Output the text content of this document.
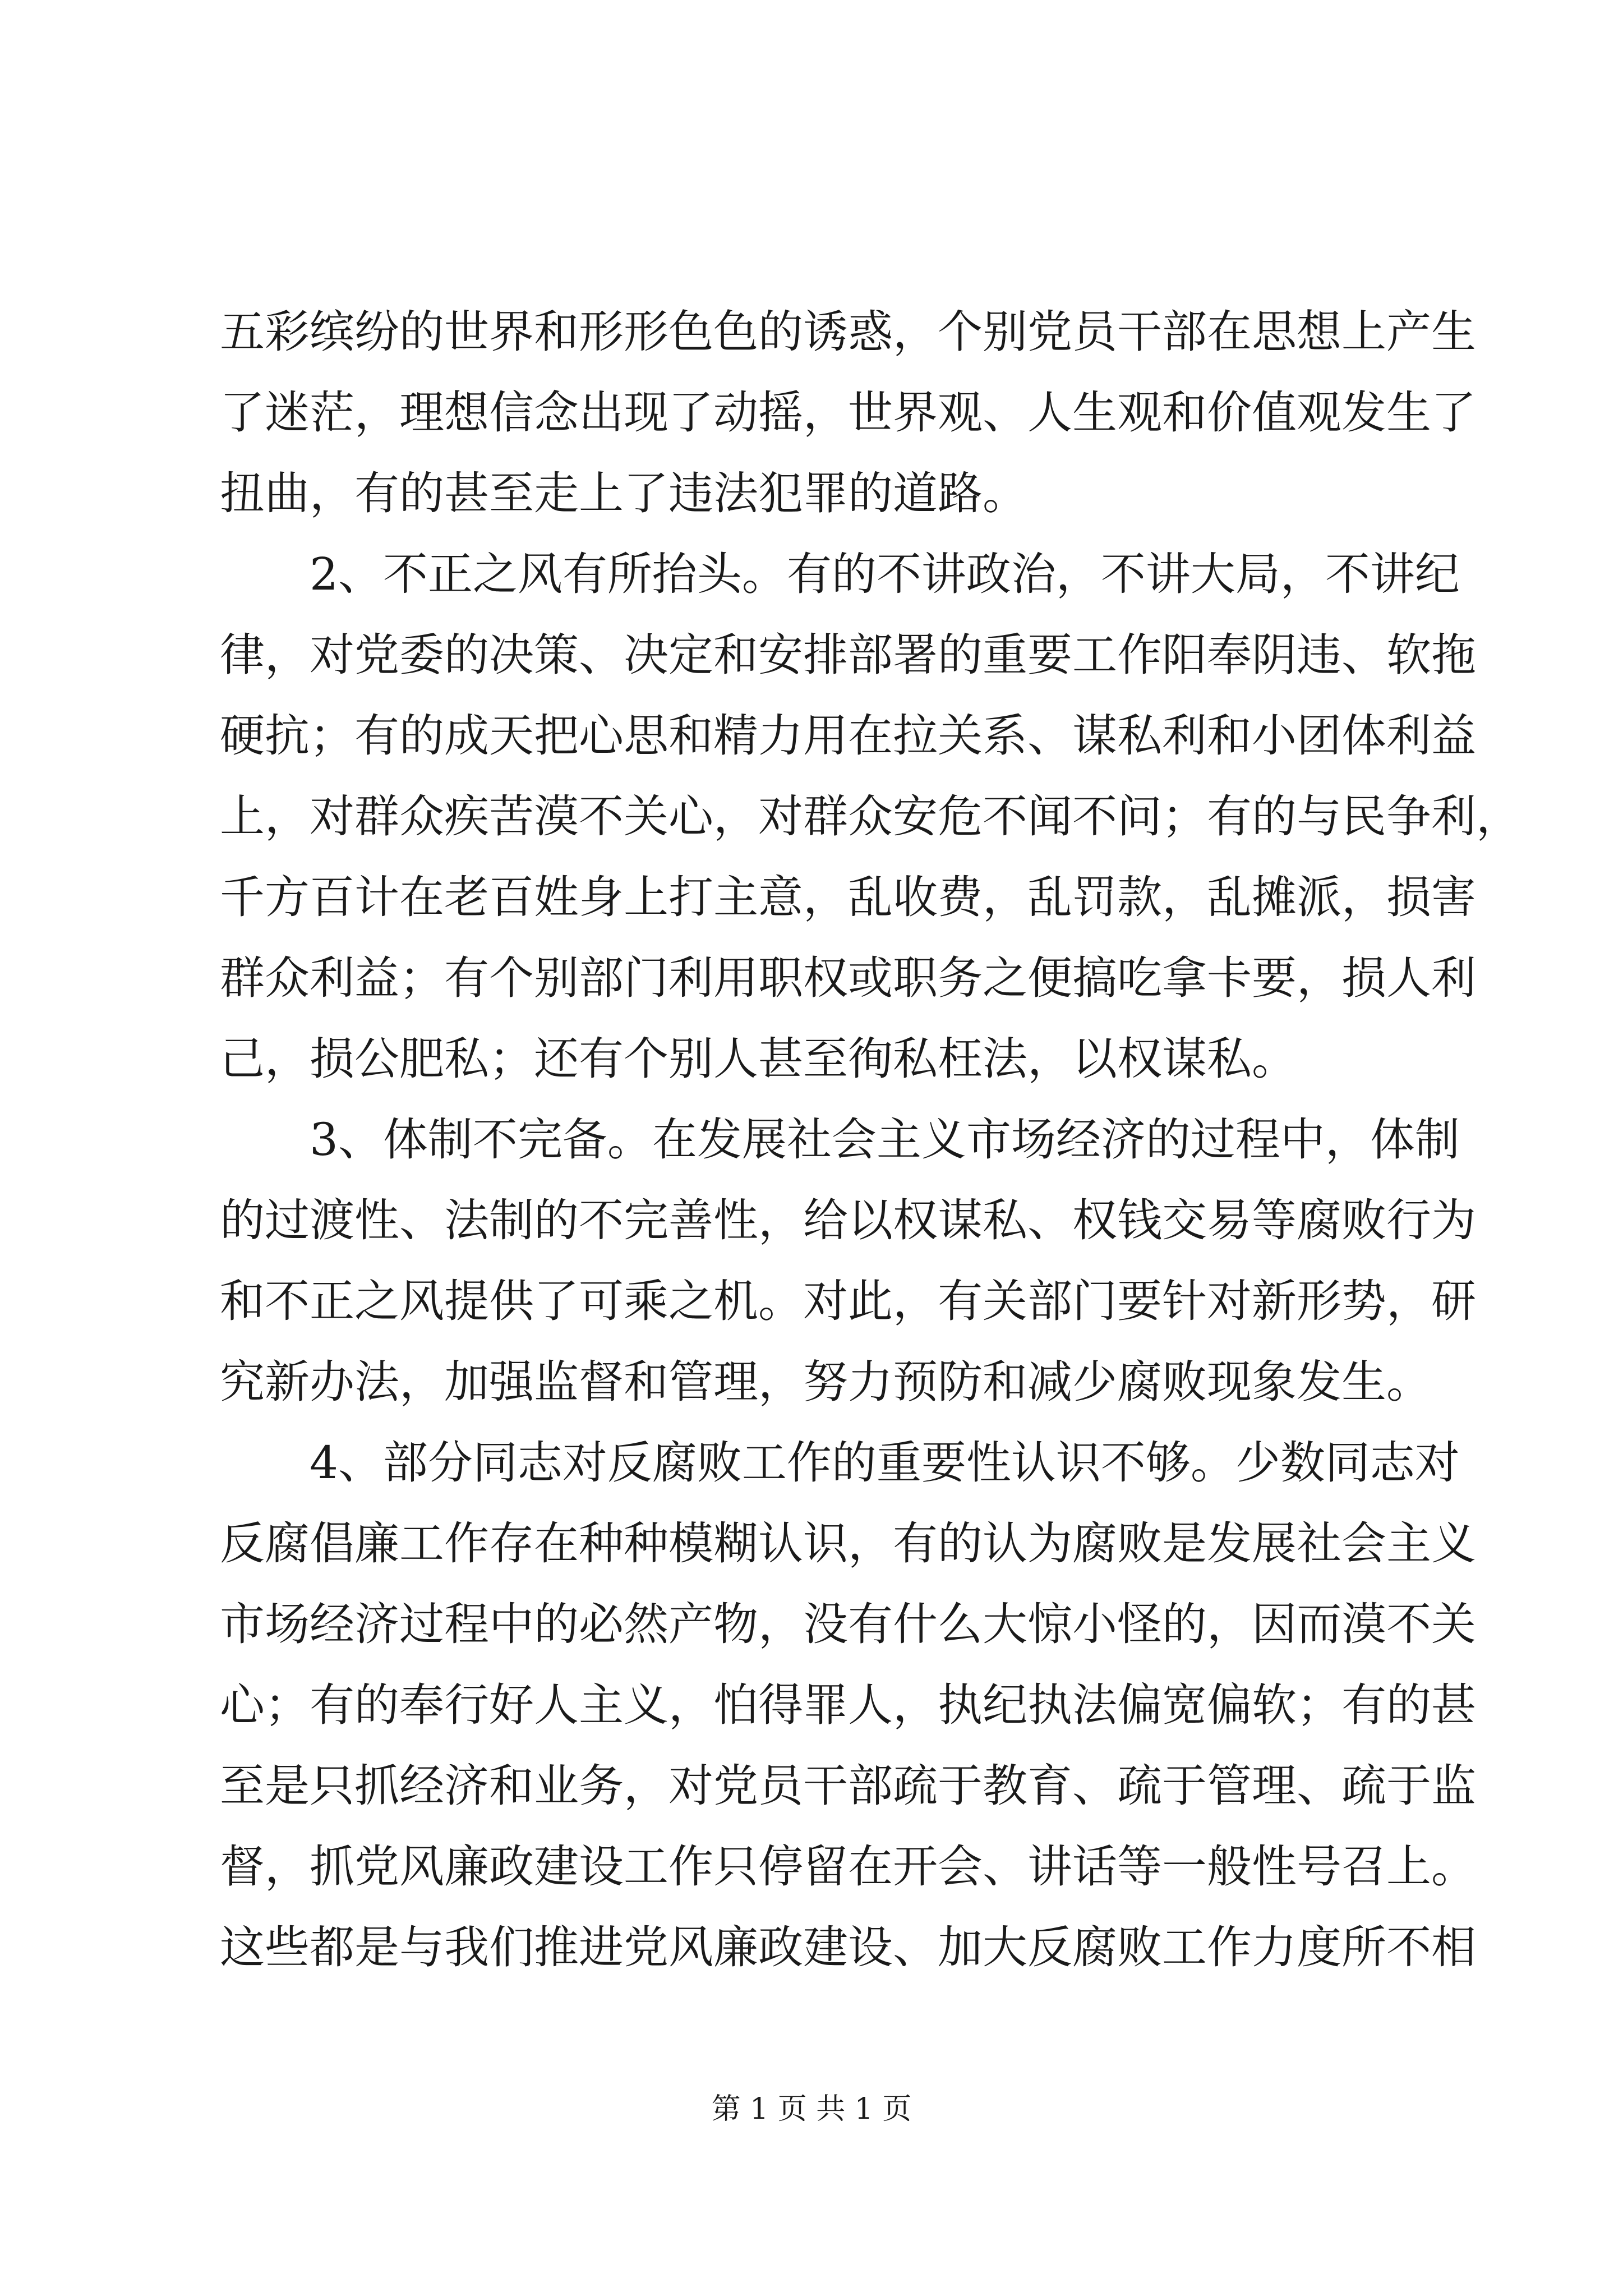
五彩缤纷的世界和形形色色的诱惑，个别党员干部在思想上产生
了迷茫，理想信念出现了动摇，世界观、人生观和价值观发生了
扭曲，有的甚至走上了违法犯罪的道路。
2、不正之风有所抬头。有的不讲政治，不讲大局，不讲纪
律，对党委的决策、决定和安排部署的重要工作阳奉阴违、软拖
硬抗；有的成天把心思和精力用在拉关系、谋私利和小团体利益
上，对群众疾苦漠不关心，对群众安危不闻不问；有的与民争利，
千方百计在老百姓身上打主意，乱收费，乱罚款，乱摊派，损害
群众利益；有个别部门利用职权或职务之便搞吃拿卡要，损人利
己，损公肥私；还有个别人甚至徇私枉法，以权谋私。
3、体制不完备。在发展社会主义市场经济的过程中，体制
的过渡性、法制的不完善性，给以权谋私、权钱交易等腐败行为
和不正之风提供了可乘之机。对此，有关部门要针对新形势，研
究新办法，加强监督和管理，努力预防和减少腐败现象发生。
4、部分同志对反腐败工作的重要性认识不够。少数同志对
反腐倡廉工作存在种种模糊认识，有的认为腐败是发展社会主义
市场经济过程中的必然产物，没有什么大惊小怪的，因而漠不关
心；有的奉行好人主义，怕得罪人，执纪执法偏宽偏软；有的甚
至是只抓经济和业务，对党员干部疏于教育、疏于管理、疏于监
督，抓党风廉政建设工作只停留在开会、讲话等一般性号召上。
这些都是与我们推进党风廉政建设、加大反腐败工作力度所不相
第 1 页 共 1 页
